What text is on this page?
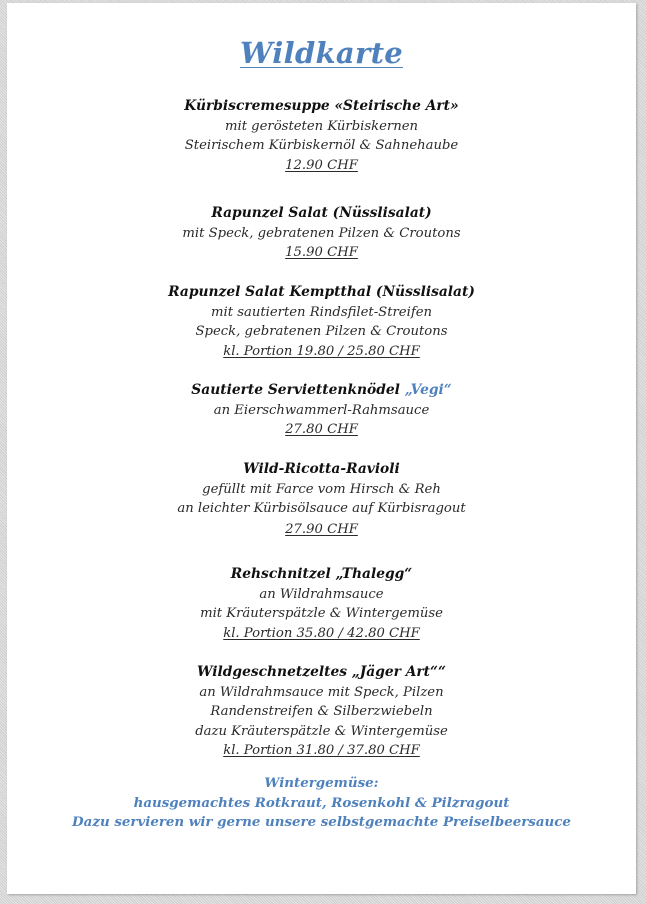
Wildkarte
Kürbiscremesuppe «Steirische Art»
mit gerösteten Kürbiskernen
Steirischem Kürbiskernöl & Sahnehaube
12.90 CHF
Rapunzel Salat (Nüsslisalat)
mit Speck, gebratenen Pilzen & Croutons
15.90 CHF
Rapunzel Salat Kemptthal (Nüsslisalat)
mit sautierten Rindsfilet-Streifen
Speck, gebratenen Pilzen & Croutons
kl. Portion 19.80 / 25.80 CHF
Sautierte Serviettenknödel „Vegi“
an Eierschwammerl-Rahmsauce
27.80 CHF
Wild-Ricotta-Ravioli
gefüllt mit Farce vom Hirsch & Reh
an leichter Kürbisölsauce auf Kürbisragout
27.90 CHF
Rehschnitzel „Thalegg“
an Wildrahmsauce
mit Kräuterspätzle & Wintergemüse
kl. Portion 35.80 / 42.80 CHF
Wildgeschnetzeltes „Jäger Art““
an Wildrahmsauce mit Speck, Pilzen
Randenstreifen & Silberzwiebeln
dazu Kräuterspätzle & Wintergemüse
kl. Portion 31.80 / 37.80 CHF
Wintergemüse:
hausgemachtes Rotkraut, Rosenkohl & Pilzragout
Dazu servieren wir gerne unsere selbstgemachte Preiselbeersauce
